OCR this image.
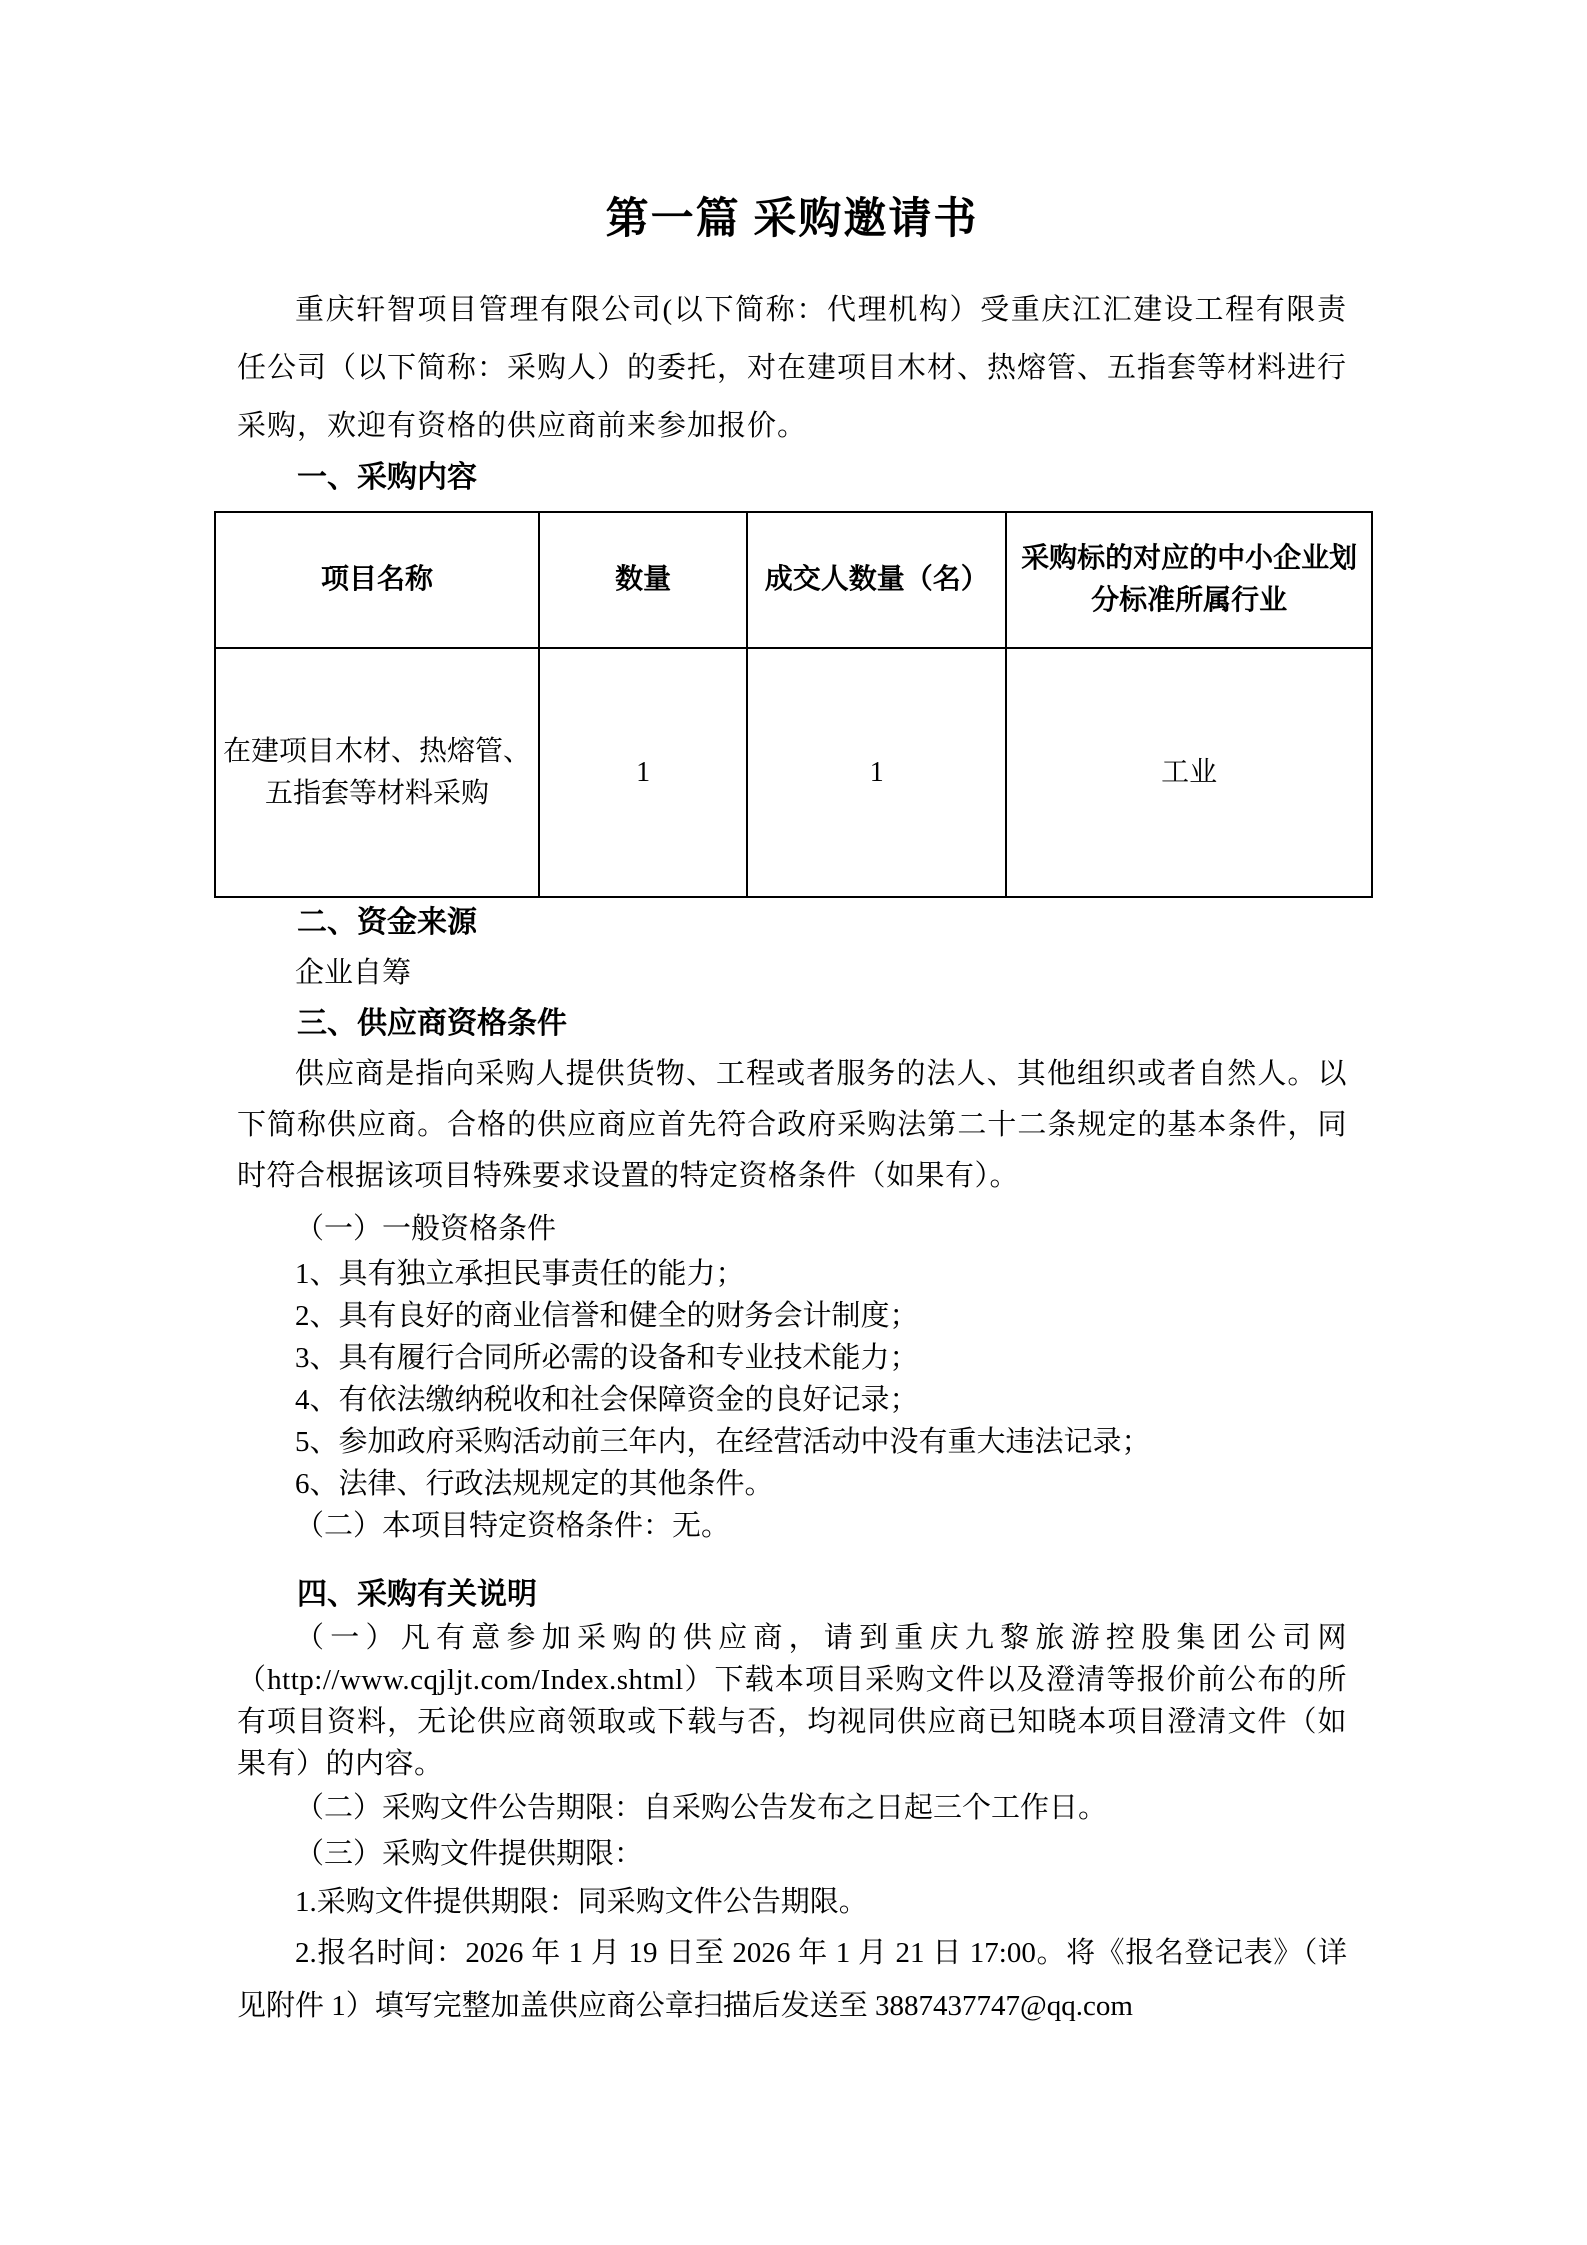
第一篇 采购邀请书

重庆轩智项目管理有限公司(以下简称：代理机构）受重庆江汇建设工程有限责任公司（以下简称：采购人）的委托，对在建项目木材、热熔管、五指套等材料进行采购，欢迎有资格的供应商前来参加报价。

一、采购内容
项目名称	数量	成交人数量（名）	采购标的对应的中小企业划分标准所属行业
在建项目木材、热熔管、五指套等材料采购	1	1	工业
二、资金来源

企业自筹

三、供应商资格条件

供应商是指向采购人提供货物、工程或者服务的法人、其他组织或者自然人。以下简称供应商。合格的供应商应首先符合政府采购法第二十二条规定的基本条件，同时符合根据该项目特殊要求设置的特定资格条件（如果有）。

（一）一般资格条件

1、具有独立承担民事责任的能力；

2、具有良好的商业信誉和健全的财务会计制度；

3、具有履行合同所必需的设备和专业技术能力；

4、有依法缴纳税收和社会保障资金的良好记录；

5、参加政府采购活动前三年内，在经营活动中没有重大违法记录；

6、法律、行政法规规定的其他条件。

（二）本项目特定资格条件：无。

四、采购有关说明

（一）凡有意参加采购的供应商，请到重庆九黎旅游控股集团公司网（http://www.cqjljt.com/Index.shtml）下载本项目采购文件以及澄清等报价前公布的所有项目资料，无论供应商领取或下载与否，均视同供应商已知晓本项目澄清文件（如果有）的内容。

（二）采购文件公告期限：自采购公告发布之日起三个工作日。

（三）采购文件提供期限：

1.采购文件提供期限：同采购文件公告期限。

2.报名时间：2026 年 1 月 19 日至 2026 年 1 月 21 日 17:00。将《报名登记表》（详见附件 1）填写完整加盖供应商公章扫描后发送至 3887437747@qq.com
